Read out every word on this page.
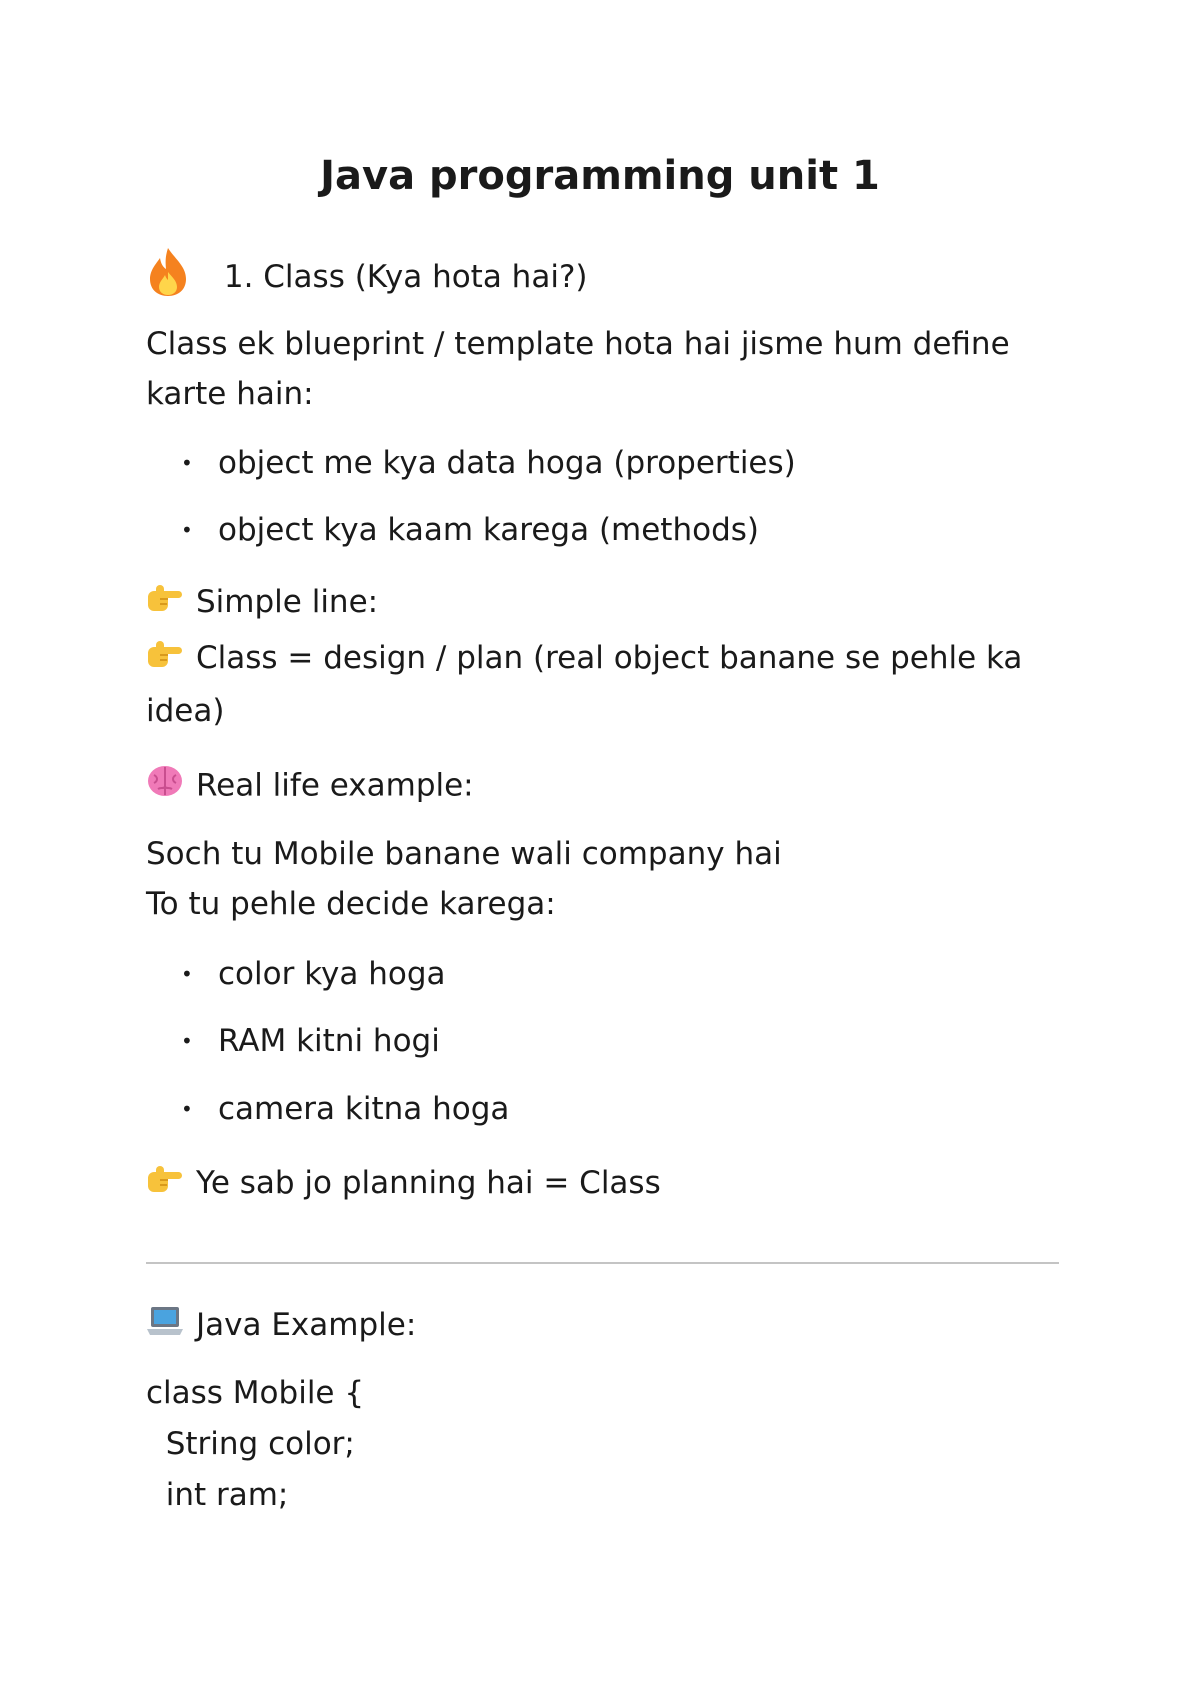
Java programming unit 1
1. Class (Kya hota hai?)
Class ek blueprint / template hota hai jisme hum define
karte hain:
• object me kya data hoga (properties)
• object kya kaam karega (methods)
Simple line:
Class = design / plan (real object banane se pehle ka
idea)
Real life example:
Soch tu Mobile banane wali company hai
To tu pehle decide karega:
• color kya hoga
• RAM kitni hogi
• camera kitna hoga
Ye sab jo planning hai = Class
Java Example:
class Mobile {
String color;
int ram;
